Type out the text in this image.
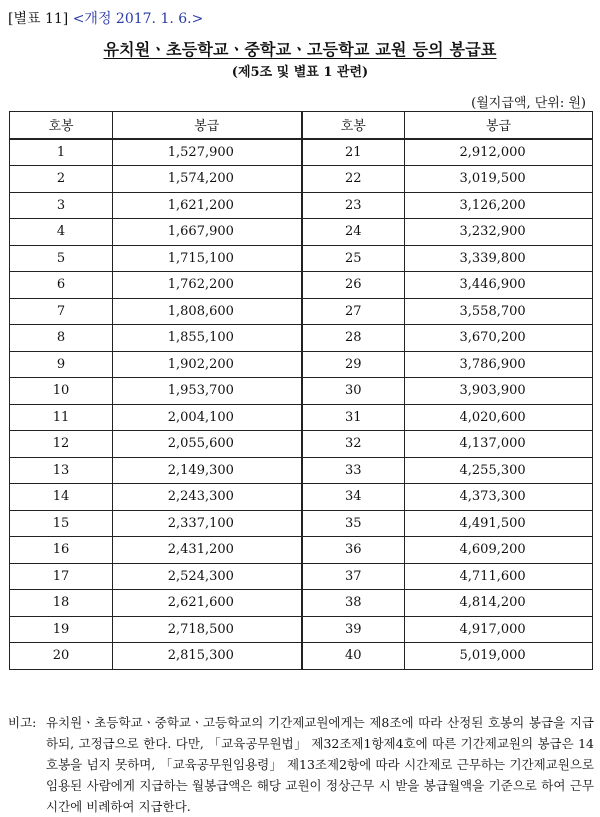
[별표 11] <개정 2017. 1. 6.>
유치원ㆍ초등학교ㆍ중학교ㆍ고등학교 교원 등의 봉급표
(제5조 및 별표 1 관련)
(월지급액, 단위: 원)
호봉	봉급	호봉	봉급
1	1,527,900	21	2,912,000
2	1,574,200	22	3,019,500
3	1,621,200	23	3,126,200
4	1,667,900	24	3,232,900
5	1,715,100	25	3,339,800
6	1,762,200	26	3,446,900
7	1,808,600	27	3,558,700
8	1,855,100	28	3,670,200
9	1,902,200	29	3,786,900
10	1,953,700	30	3,903,900
11	2,004,100	31	4,020,600
12	2,055,600	32	4,137,000
13	2,149,300	33	4,255,300
14	2,243,300	34	4,373,300
15	2,337,100	35	4,491,500
16	2,431,200	36	4,609,200
17	2,524,300	37	4,711,600
18	2,621,600	38	4,814,200
19	2,718,500	39	4,917,000
20	2,815,300	40	5,019,000
비고: 유치원ㆍ초등학교ㆍ중학교ㆍ고등학교의 기간제교원에게는 제8조에 따라 산정된 호봉의 봉급을 지급하되, 고정급으로 한다. 다만, 「교육공무원법」 제32조제1항제4호에 따른 기간제교원의 봉급은 14호봉을 넘지 못하며, 「교육공무원임용령」 제13조제2항에 따라 시간제로 근무하는 기간제교원으로 임용된 사람에게 지급하는 월봉급액은 해당 교원이 정상근무 시 받을 봉급월액을 기준으로 하여 근무시간에 비례하여 지급한다.
